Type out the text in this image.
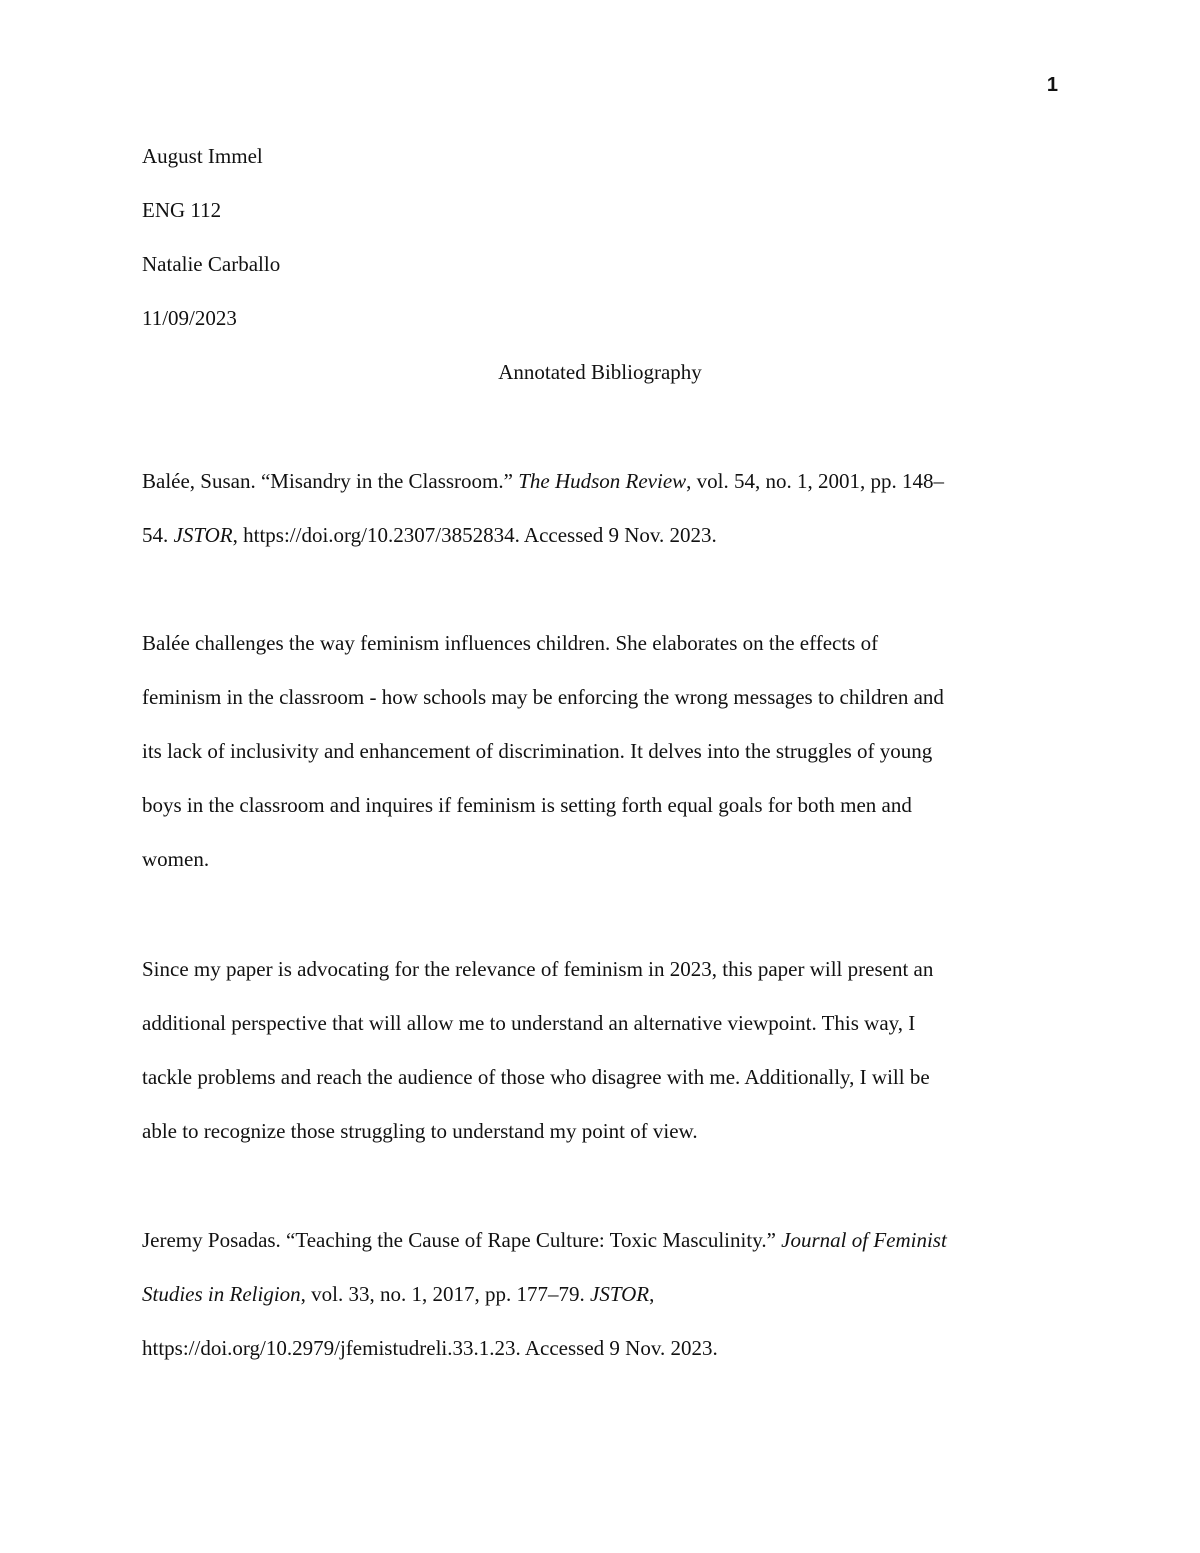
1
August Immel
ENG 112
Natalie Carballo
11/09/2023
Annotated Bibliography
Balée, Susan. “Misandry in the Classroom.” The Hudson Review, vol. 54, no. 1, 2001, pp. 148–
54. JSTOR, https://doi.org/10.2307/3852834. Accessed 9 Nov. 2023.
Balée challenges the way feminism influences children. She elaborates on the effects of
feminism in the classroom - how schools may be enforcing the wrong messages to children and
its lack of inclusivity and enhancement of discrimination. It delves into the struggles of young
boys in the classroom and inquires if feminism is setting forth equal goals for both men and
women.
Since my paper is advocating for the relevance of feminism in 2023, this paper will present an
additional perspective that will allow me to understand an alternative viewpoint. This way, I
tackle problems and reach the audience of those who disagree with me. Additionally, I will be
able to recognize those struggling to understand my point of view.
Jeremy Posadas. “Teaching the Cause of Rape Culture: Toxic Masculinity.” Journal of Feminist
Studies in Religion, vol. 33, no. 1, 2017, pp. 177–79. JSTOR,
https://doi.org/10.2979/jfemistudreli.33.1.23. Accessed 9 Nov. 2023.
